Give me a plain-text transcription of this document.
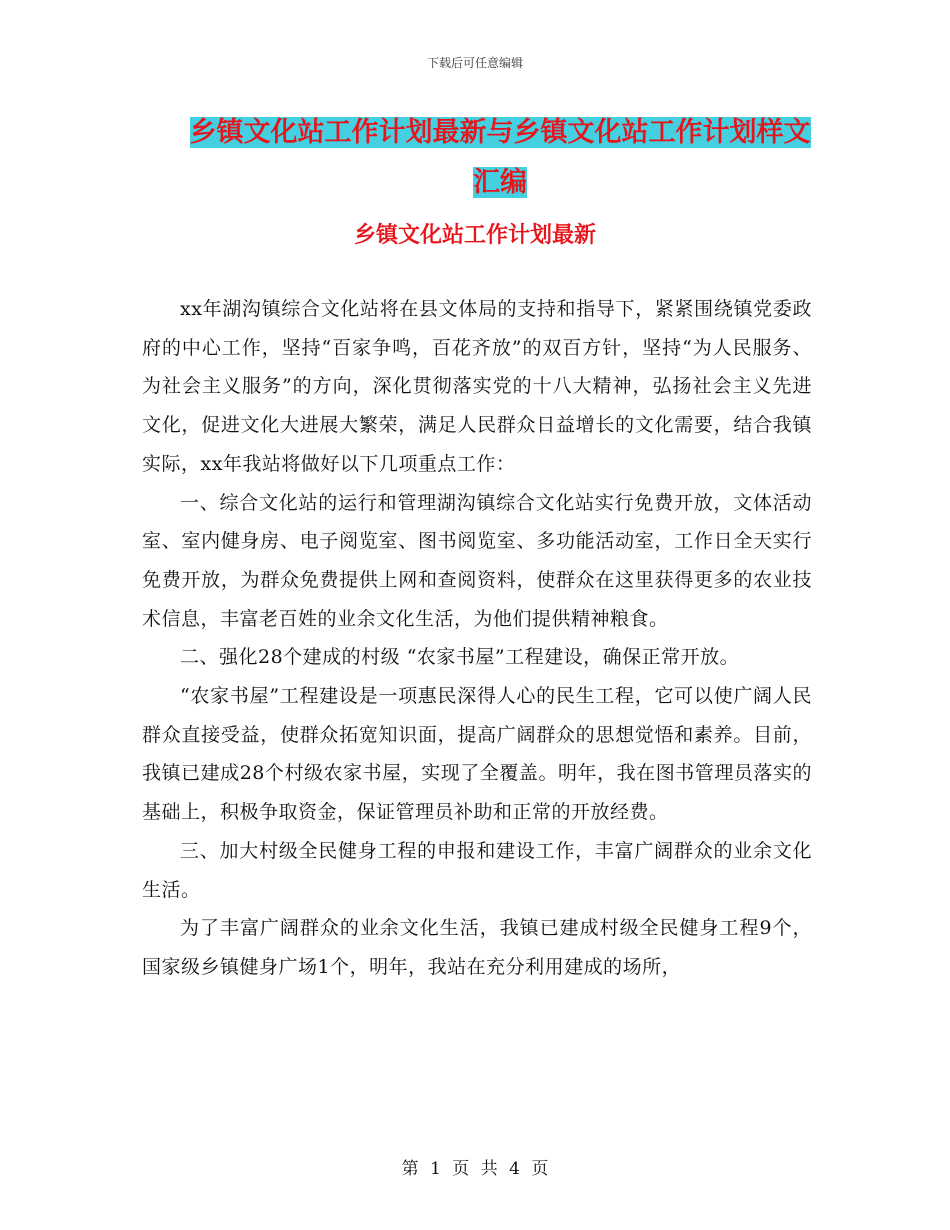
下载后可任意编辑
乡镇文化站工作计划最新与乡镇文化站工作计划样文
汇编
乡镇文化站工作计划最新

xx年湖沟镇综合文化站将在县文体局的支持和指导下，紧紧围绕镇党委政府的中心工作，坚持“百家争鸣，百花齐放”的双百方针，坚持“为人民服务、为社会主义服务”的方向，深化贯彻落实党的十八大精神，弘扬社会主义先进文化，促进文化大进展大繁荣，满足人民群众日益增长的文化需要，结合我镇实际，xx年我站将做好以下几项重点工作：

一、综合文化站的运行和管理湖沟镇综合文化站实行免费开放，文体活动室、室内健身房、电子阅览室、图书阅览室、多功能活动室，工作日全天实行免费开放，为群众免费提供上网和查阅资料，使群众在这里获得更多的农业技术信息，丰富老百姓的业余文化生活，为他们提供精神粮食。

二、强化28个建成的村级 “农家书屋”工程建设，确保正常开放。

“农家书屋”工程建设是一项惠民深得人心的民生工程，它可以使广阔人民群众直接受益，使群众拓宽知识面，提高广阔群众的思想觉悟和素养。目前，我镇已建成28个村级农家书屋，实现了全覆盖。明年，我在图书管理员落实的基础上，积极争取资金，保证管理员补助和正常的开放经费。

三、加大村级全民健身工程的申报和建设工作，丰富广阔群众的业余文化生活。

为了丰富广阔群众的业余文化生活，我镇已建成村级全民健身工程9个，国家级乡镇健身广场1个，明年，我站在充分利用建成的场所，

第 1 页 共 4 页
